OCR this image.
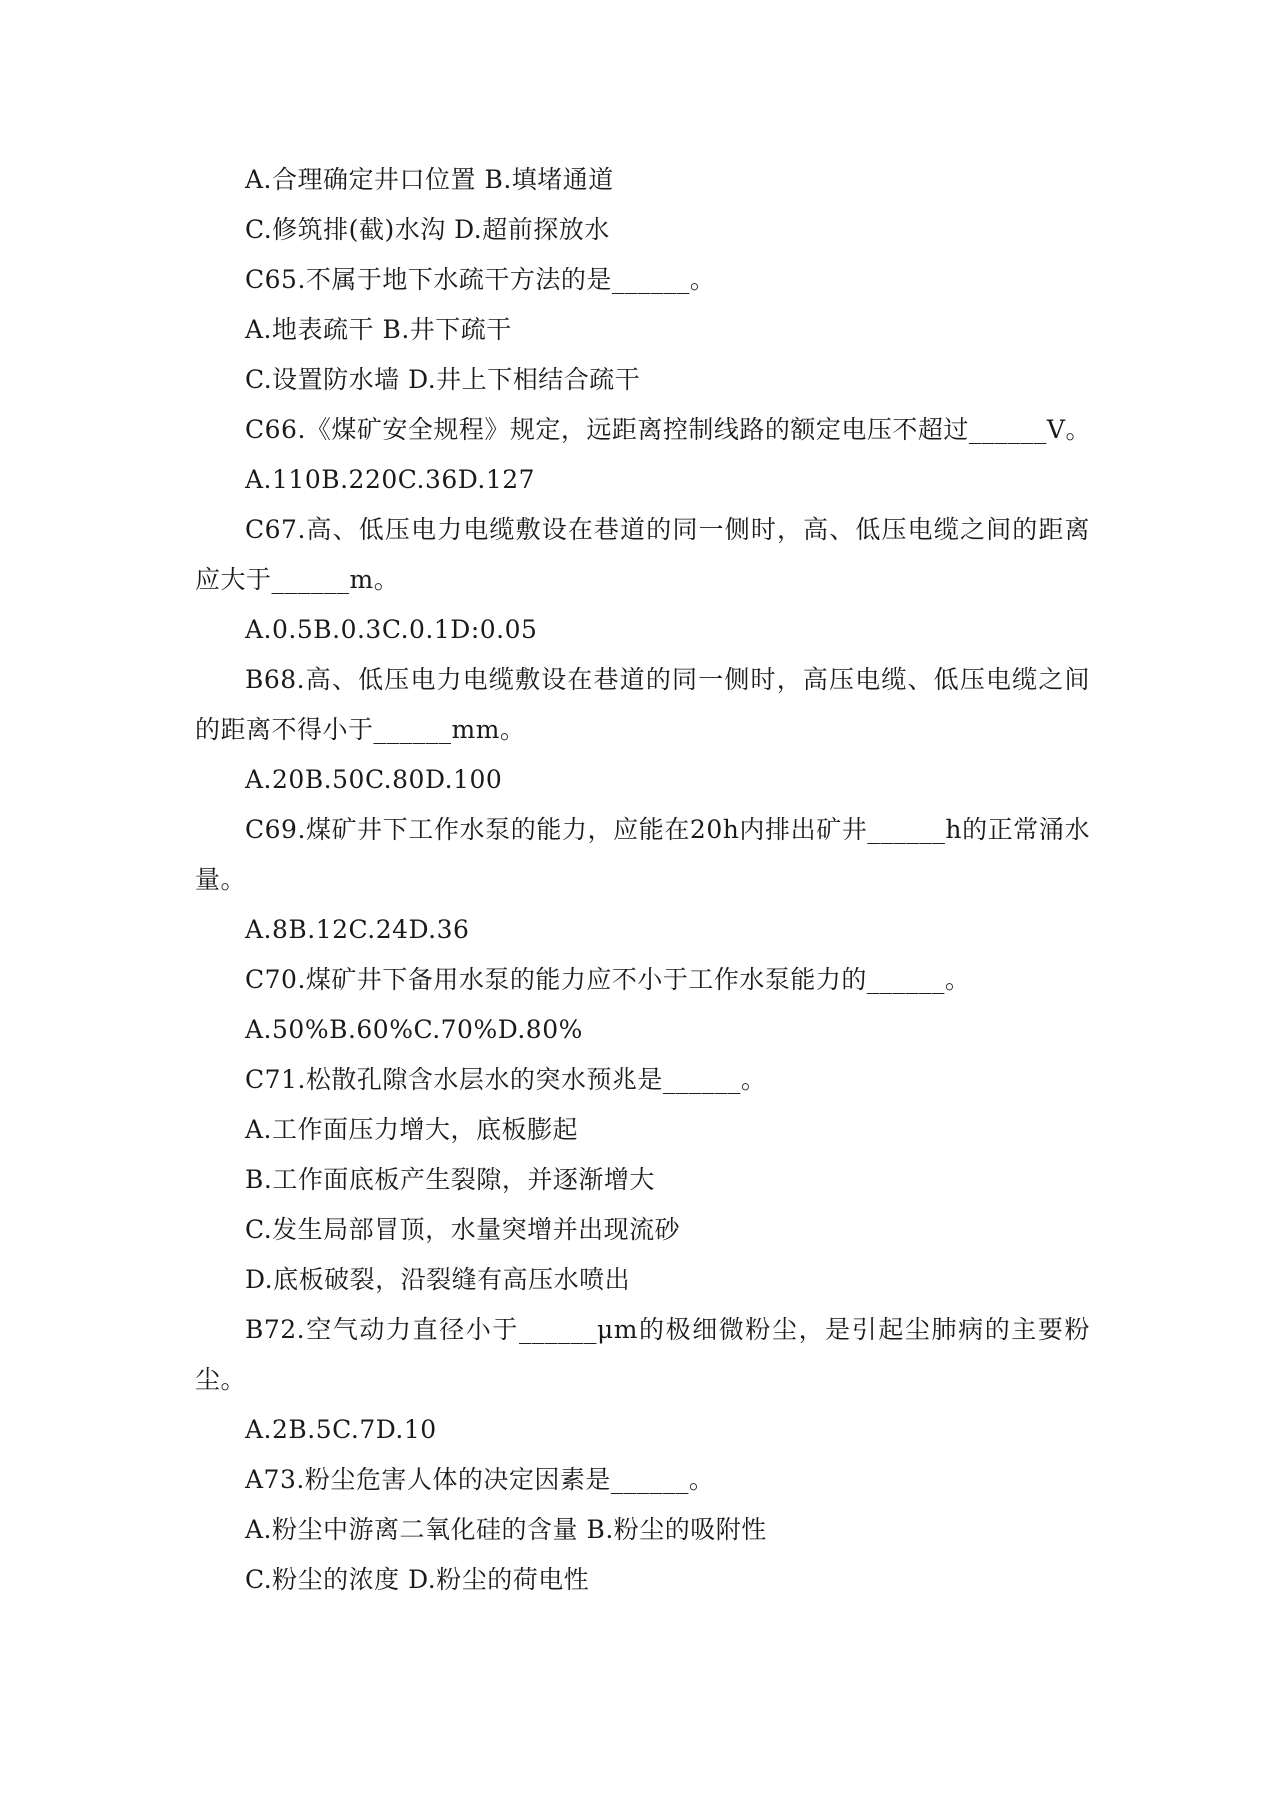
A.合理确定井口位置 B.填堵通道
C.修筑排(截)水沟 D.超前探放水
C65.不属于地下水疏干方法的是______。
A.地表疏干 B.井下疏干
C.设置防水墙 D.井上下相结合疏干
C66.《煤矿安全规程》规定，远距离控制线路的额定电压不超过______V。
A.110B.220C.36D.127

C67.高、低压电力电缆敷设在巷道的同一侧时，高、低压电缆之间的距离应大于______m。

A.0.5B.0.3C.0.1D:0.05

B68.高、低压电力电缆敷设在巷道的同一侧时，高压电缆、低压电缆之间的距离不得小于______mm。

A.20B.50C.80D.100

C69.煤矿井下工作水泵的能力，应能在20h内排出矿井______h的正常涌水量。

A.8B.12C.24D.36
C70.煤矿井下备用水泵的能力应不小于工作水泵能力的______。
A.50%B.60%C.70%D.80%
C71.松散孔隙含水层水的突水预兆是______。
A.工作面压力增大，底板膨起
B.工作面底板产生裂隙，并逐渐增大
C.发生局部冒顶，水量突增并出现流砂
D.底板破裂，沿裂缝有高压水喷出

B72.空气动力直径小于______μm的极细微粉尘，是引起尘肺病的主要粉尘。

A.2B.5C.7D.10
A73.粉尘危害人体的决定因素是______。
A.粉尘中游离二氧化硅的含量 B.粉尘的吸附性
C.粉尘的浓度 D.粉尘的荷电性
